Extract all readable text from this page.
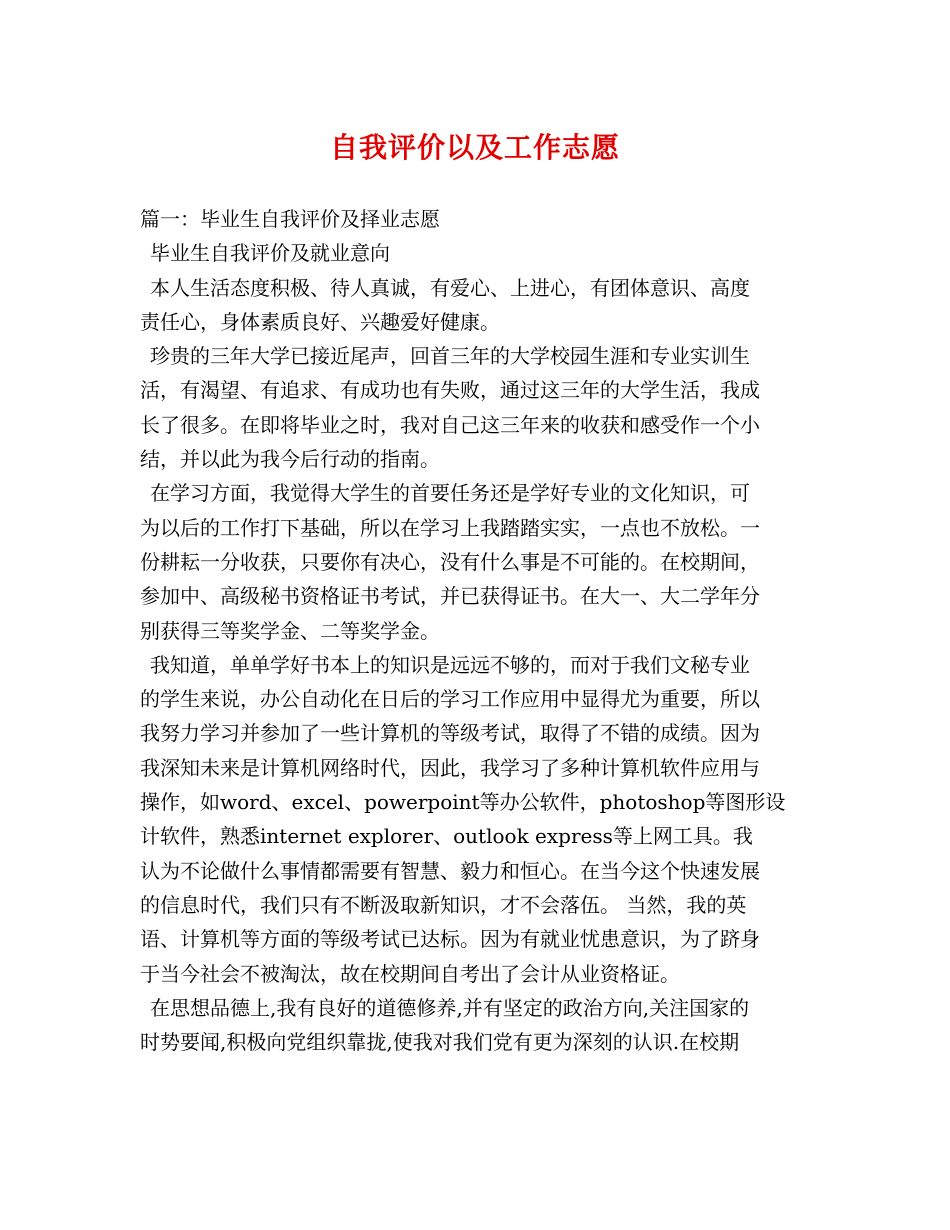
自我评价以及工作志愿
篇一：毕业生自我评价及择业志愿
毕业生自我评价及就业意向
本人生活态度积极、待人真诚，有爱心、上进心，有团体意识、高度
责任心，身体素质良好、兴趣爱好健康。
珍贵的三年大学已接近尾声，回首三年的大学校园生涯和专业实训生
活，有渴望、有追求、有成功也有失败，通过这三年的大学生活，我成
长了很多。在即将毕业之时，我对自己这三年来的收获和感受作一个小
结，并以此为我今后行动的指南。
在学习方面，我觉得大学生的首要任务还是学好专业的文化知识，可
为以后的工作打下基础，所以在学习上我踏踏实实，一点也不放松。一
份耕耘一分收获，只要你有决心，没有什么事是不可能的。在校期间，
参加中、高级秘书资格证书考试，并已获得证书。在大一、大二学年分
别获得三等奖学金、二等奖学金。
我知道，单单学好书本上的知识是远远不够的，而对于我们文秘专业
的学生来说，办公自动化在日后的学习工作应用中显得尤为重要，所以
我努力学习并参加了一些计算机的等级考试，取得了不错的成绩。因为
我深知未来是计算机网络时代，因此，我学习了多种计算机软件应用与
操作，如word、excel、powerpoint等办公软件，photoshop等图形设
计软件，熟悉internet explorer、outlook express等上网工具。我
认为不论做什么事情都需要有智慧、毅力和恒心。在当今这个快速发展
的信息时代，我们只有不断汲取新知识，才不会落伍。 当然，我的英
语、计算机等方面的等级考试已达标。因为有就业忧患意识，为了跻身
于当今社会不被淘汰，故在校期间自考出了会计从业资格证。
在思想品德上,我有良好的道德修养,并有坚定的政治方向,关注国家的
时势要闻,积极向党组织靠拢,使我对我们党有更为深刻的认识.在校期
